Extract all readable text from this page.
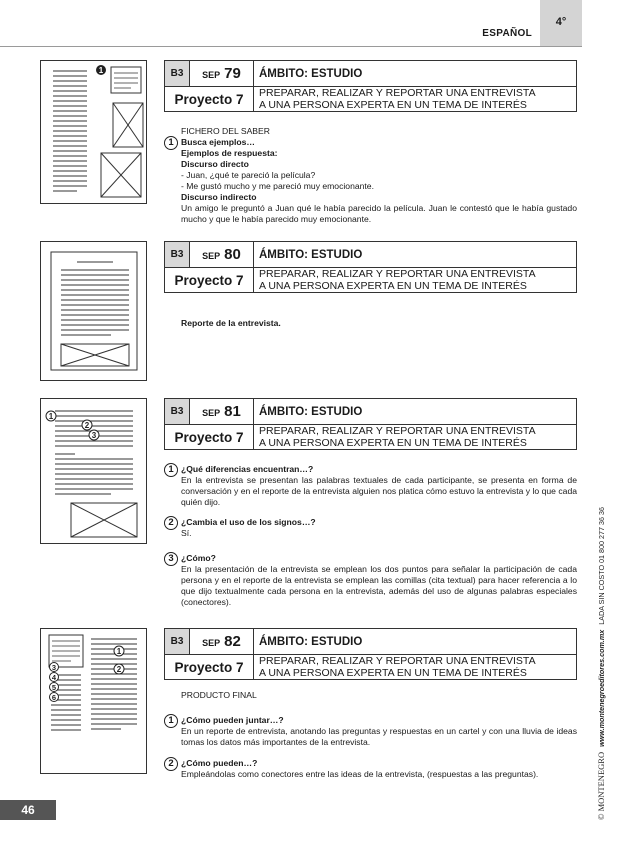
ESPAÑOL
4°
© MONTENEGRO www.montenegroeditores.com.mx LADA SIN COSTO 01 800 277 36 36
1	B3	SEP 79	ÁMBITO: ESTUDIO
Proyecto 7	PREPARAR, REALIZAR Y REPORTAR UNA ENTREVISTA
A UNA PERSONA EXPERTA EN UN TEMA DE INTERÉS

FICHERO DEL SABER

1 Busca ejemplos…

Ejemplos de respuesta:

Discurso directo

- Juan, ¿qué te pareció la película?

- Me gustó mucho y me pareció muy emocionante.

Discurso indirecto

Un amigo le preguntó a Juan qué le había parecido la película. Juan le contestó que le había gustado mucho y que le había parecido muy emocionante.

B3	SEP 80	ÁMBITO: ESTUDIO
Proyecto 7	PREPARAR, REALIZAR Y REPORTAR UNA ENTREVISTA
A UNA PERSONA EXPERTA EN UN TEMA DE INTERÉS

Reporte de la entrevista.

1
2
3
B3	SEP 81	ÁMBITO: ESTUDIO
Proyecto 7	PREPARAR, REALIZAR Y REPORTAR UNA ENTREVISTA
A UNA PERSONA EXPERTA EN UN TEMA DE INTERÉS
1 ¿Qué diferencias encuentran…?

En la entrevista se presentan las palabras textuales de cada participante, se presenta en forma de conversación y en el reporte de la entrevista alguien nos platica cómo estuvo la entrevista y lo que cada quién dijo.

2 ¿Cambia el uso de los signos…?

Sí.

3 ¿Cómo?

En la presentación de la entrevista se emplean los dos puntos para señalar la participación de cada persona y en el reporte de la entrevista se emplean las comillas (cita textual) para hacer referencia a lo que dijo textualmente cada persona en la entrevista, además del uso de algunas palabras especiales (conectores).

1
2
3
4
5
6
B3	SEP 82	ÁMBITO: ESTUDIO
Proyecto 7	PREPARAR, REALIZAR Y REPORTAR UNA ENTREVISTA
A UNA PERSONA EXPERTA EN UN TEMA DE INTERÉS

PRODUCTO FINAL

1 ¿Cómo pueden juntar…?

En un reporte de entrevista, anotando las preguntas y respuestas en un cartel y con una lluvia de ideas tomas los datos más importantes de la entrevista.

2 ¿Cómo pueden…?

Empleándolas como conectores entre las ideas de la entrevista, (respuestas a las preguntas).

46
